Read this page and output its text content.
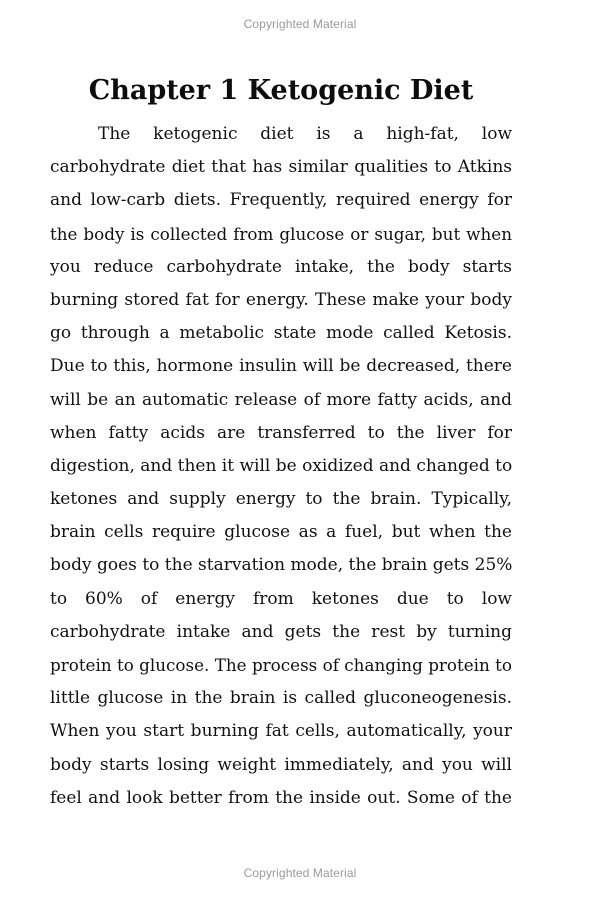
Copyrighted Material
Chapter 1 Ketogenic Diet
The ketogenic diet is a high-fat, low
carbohydrate diet that has similar qualities to Atkins
and low-carb diets. Frequently, required energy for
the body is collected from glucose or sugar, but when
you reduce carbohydrate intake, the body starts
burning stored fat for energy. These make your body
go through a metabolic state mode called Ketosis.
Due to this, hormone insulin will be decreased, there
will be an automatic release of more fatty acids, and
when fatty acids are transferred to the liver for
digestion, and then it will be oxidized and changed to
ketones and supply energy to the brain. Typically,
brain cells require glucose as a fuel, but when the
body goes to the starvation mode, the brain gets 25%
to 60% of energy from ketones due to low
carbohydrate intake and gets the rest by turning
protein to glucose. The process of changing protein to
little glucose in the brain is called gluconeogenesis.
When you start burning fat cells, automatically, your
body starts losing weight immediately, and you will
feel and look better from the inside out. Some of the
Copyrighted Material
